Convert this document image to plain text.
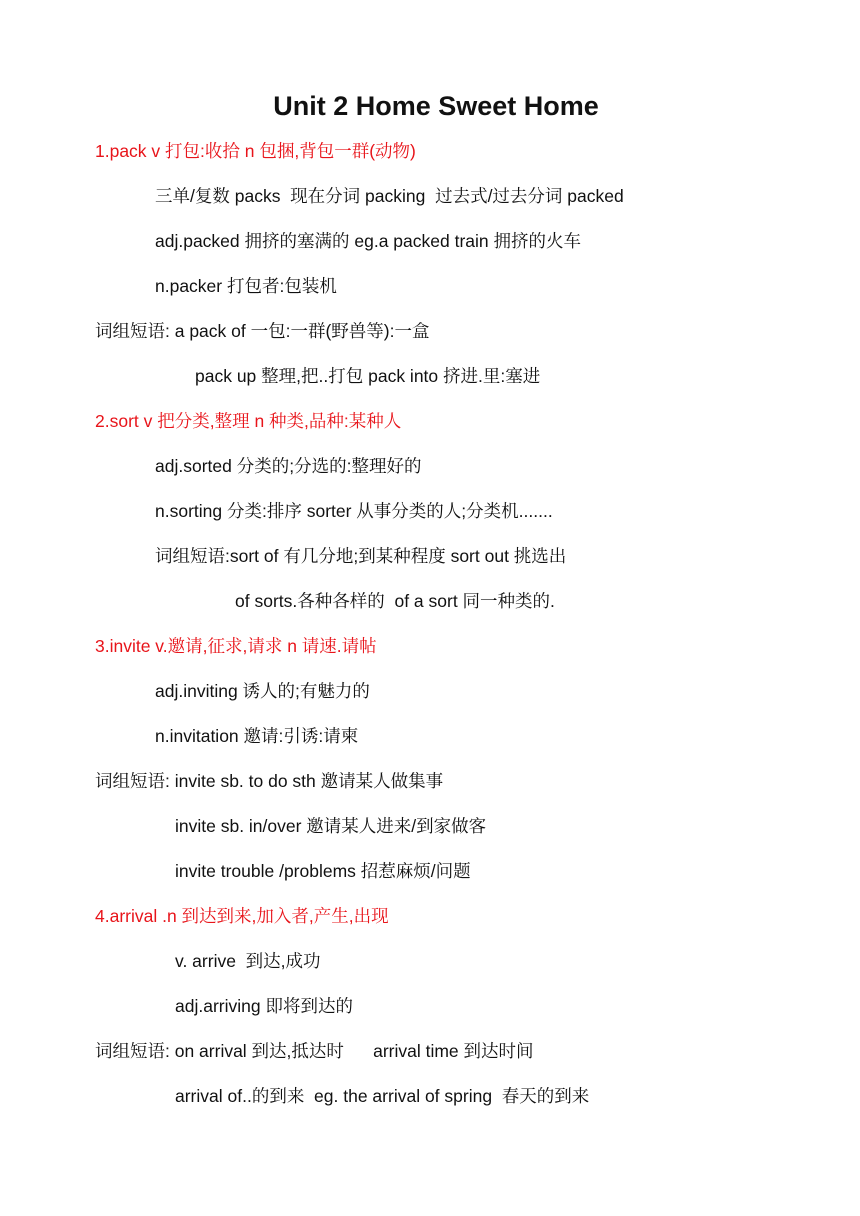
Unit 2 Home Sweet Home
1.pack v 打包:收拾 n 包捆,背包一群(动物)
三单/复数 packs  现在分词 packing  过去式/过去分词 packed
adj.packed 拥挤的塞满的 eg.a packed train 拥挤的火车
n.packer 打包者:包装机
词组短语: a pack of 一包:一群(野兽等):一盒
pack up 整理,把..打包 pack into 挤进.里:塞进
2.sort v 把分类,整理 n 种类,品种:某种人
adj.sorted 分类的;分选的:整理好的
n.sorting 分类:排序 sorter 从事分类的人;分类机.......
词组短语:sort of 有几分地;到某种程度 sort out 挑选出
of sorts.各种各样的  of a sort 同一种类的.
3.invite v.邀请,征求,请求 n 请速.请帖
adj.inviting 诱人的;有魅力的
n.invitation 邀请:引诱:请柬
词组短语: invite sb. to do sth 邀请某人做集事
invite sb. in/over 邀请某人进来/到家做客
invite trouble /problems 招惹麻烦/问题
4.arrival .n 到达到来,加入者,产生,出现
v. arrive  到达,成功
adj.arriving 即将到达的
词组短语: on arrival 到达,抵达时      arrival time 到达时间
arrival of..的到来  eg. the arrival of spring  春天的到来
